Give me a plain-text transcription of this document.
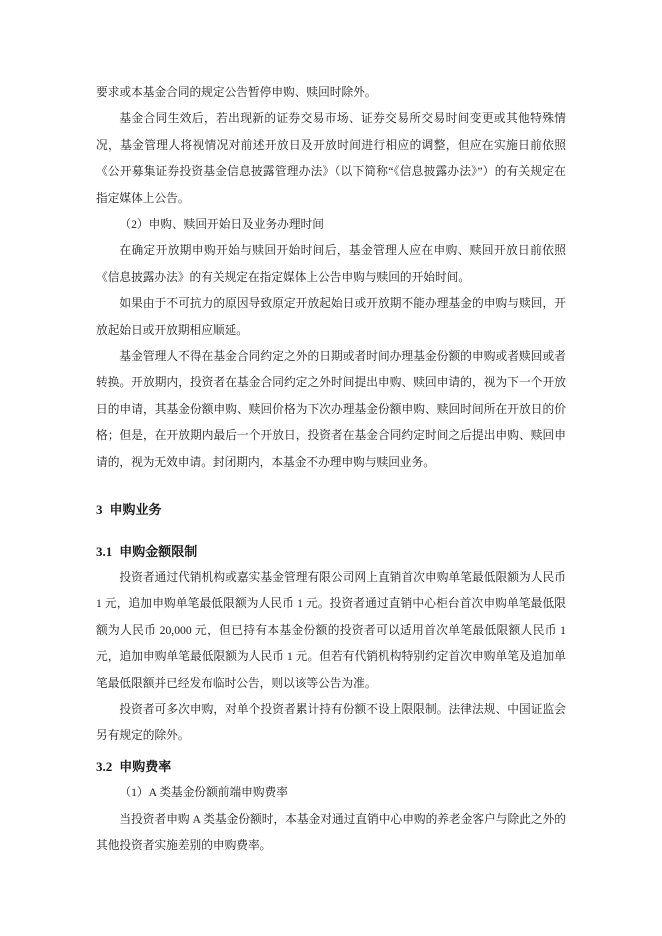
要求或本基金合同的规定公告暂停申购、赎回时除外。

基金合同生效后，若出现新的证券交易市场、证券交易所交易时间变更或其他特殊情况，基金管理人将视情况对前述开放日及开放时间进行相应的调整，但应在实施日前依照《公开募集证券投资基金信息披露管理办法》（以下简称“《信息披露办法》”）的有关规定在指定媒体上公告。

（2）申购、赎回开始日及业务办理时间

在确定开放期申购开始与赎回开始时间后，基金管理人应在申购、赎回开放日前依照《信息披露办法》的有关规定在指定媒体上公告申购与赎回的开始时间。

如果由于不可抗力的原因导致原定开放起始日或开放期不能办理基金的申购与赎回，开放起始日或开放期相应顺延。

基金管理人不得在基金合同约定之外的日期或者时间办理基金份额的申购或者赎回或者转换。开放期内，投资者在基金合同约定之外时间提出申购、赎回申请的，视为下一个开放日的申请，其基金份额申购、赎回价格为下次办理基金份额申购、赎回时间所在开放日的价格；但是，在开放期内最后一个开放日，投资者在基金合同约定时间之后提出申购、赎回申请的，视为无效申请。封闭期内，本基金不办理申购与赎回业务。

3 申购业务
3.1 申购金额限制

投资者通过代销机构或嘉实基金管理有限公司网上直销首次申购单笔最低限额为人民币 1 元，追加申购单笔最低限额为人民币 1 元。投资者通过直销中心柜台首次申购单笔最低限额为人民币 20,000 元，但已持有本基金份额的投资者可以适用首次单笔最低限额人民币 1 元，追加申购单笔最低限额为人民币 1 元。但若有代销机构特别约定首次申购单笔及追加单笔最低限额并已经发布临时公告，则以该等公告为准。

投资者可多次申购，对单个投资者累计持有份额不设上限限制。法律法规、中国证监会另有规定的除外。

3.2 申购费率

（1）A 类基金份额前端申购费率

当投资者申购 A 类基金份额时，本基金对通过直销中心申购的养老金客户与除此之外的其他投资者实施差别的申购费率。
